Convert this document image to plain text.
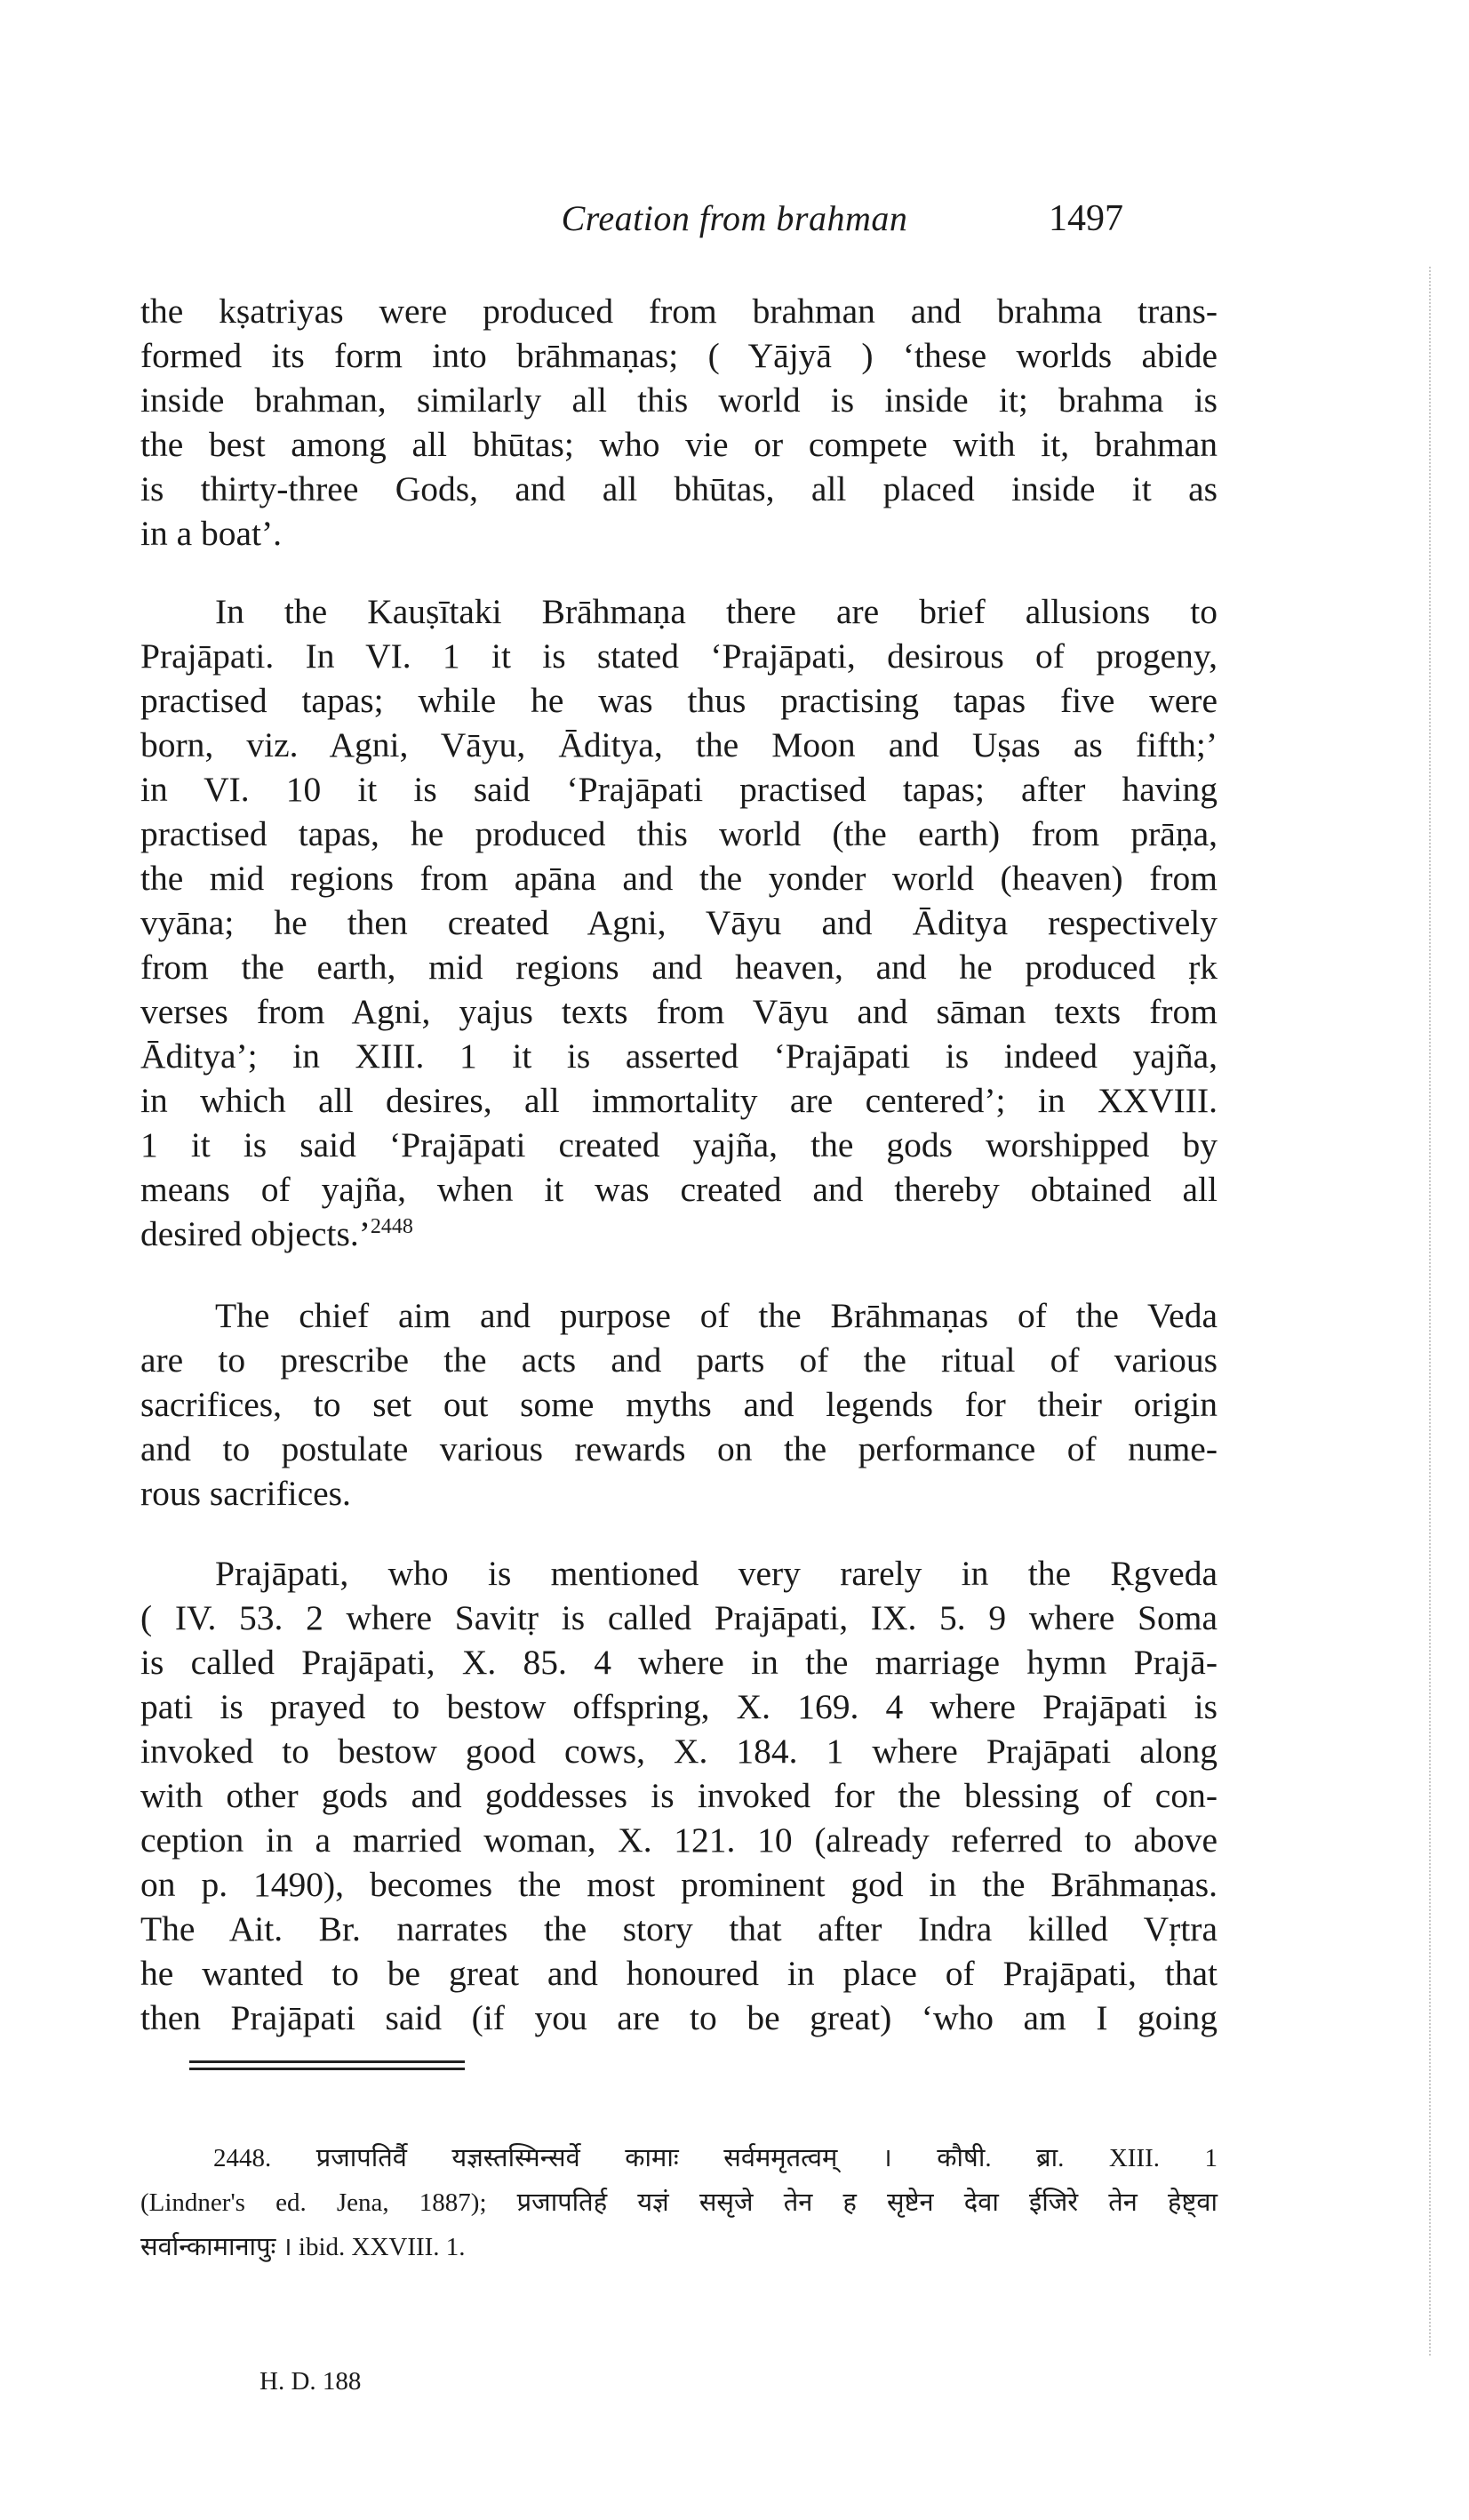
Creation from brahman	1497
the kṣatriyas were produced from brahman and brahma trans-
formed its form into brāhmaṇas; ( Yājyā ) ‘these worlds abide
inside brahman, similarly all this world is inside it; brahma is
the best among all bhūtas; who vie or compete with it, brahman
is thirty-three Gods, and all bhūtas, all placed inside it as
in a boat’.
In the Kauṣītaki Brāhmaṇa there are brief allusions to
Prajāpati. In VI. 1 it is stated ‘Prajāpati, desirous of progeny,
practised tapas; while he was thus practising tapas five were
born, viz. Agni, Vāyu, Āditya, the Moon and Uṣas as fifth;’
in VI. 10 it is said ‘Prajāpati practised tapas; after having
practised tapas, he produced this world (the earth) from prāṇa,
the mid regions from apāna and the yonder world (heaven) from
vyāna; he then created Agni, Vāyu and Āditya respectively
from the earth, mid regions and heaven, and he produced ṛk
verses from Agni, yajus texts from Vāyu and sāman texts from
Āditya’; in XIII. 1 it is asserted ‘Prajāpati is indeed yajña,
in which all desires, all immortality are centered’; in XXVIII.
1 it is said ‘Prajāpati created yajña, the gods worshipped by
means of yajña, when it was created and thereby obtained all
desired objects.’$^{2448}$
The chief aim and purpose of the Brāhmaṇas of the Veda
are to prescribe the acts and parts of the ritual of various
sacrifices, to set out some myths and legends for their origin
and to postulate various rewards on the performance of nume-
rous sacrifices.
Prajāpati, who is mentioned very rarely in the Ṛgveda
( IV. 53. 2 where Savitṛ is called Prajāpati, IX. 5. 9 where Soma
is called Prajāpati, X. 85. 4 where in the marriage hymn Prajā-
pati is prayed to bestow offspring, X. 169. 4 where Prajāpati is
invoked to bestow good cows, X. 184. 1 where Prajāpati along
with other gods and goddesses is invoked for the blessing of con-
ception in a married woman, X. 121. 10 (already referred to above
on p. 1490), becomes the most prominent god in the Brāhmaṇas.
The Ait. Br. narrates the story that after Indra killed Vṛtra
he wanted to be great and honoured in place of Prajāpati, that
then Prajāpati said (if you are to be great) ‘who am I going
2448. प्रजापतिर्वै यज्ञस्तस्मिन्सर्वे कामाः सर्वममृतत्वम् । कौषी. ब्रा. XIII. 1
(Lindner's ed. Jena, 1887); प्रजापतिर्ह यज्ञं ससृजे तेन ह सृष्टेन देवा ईजिरे तेन हेष्ट्वा
सर्वान्कामानापुः । ibid. XXVIII. 1.
H. D. 188
